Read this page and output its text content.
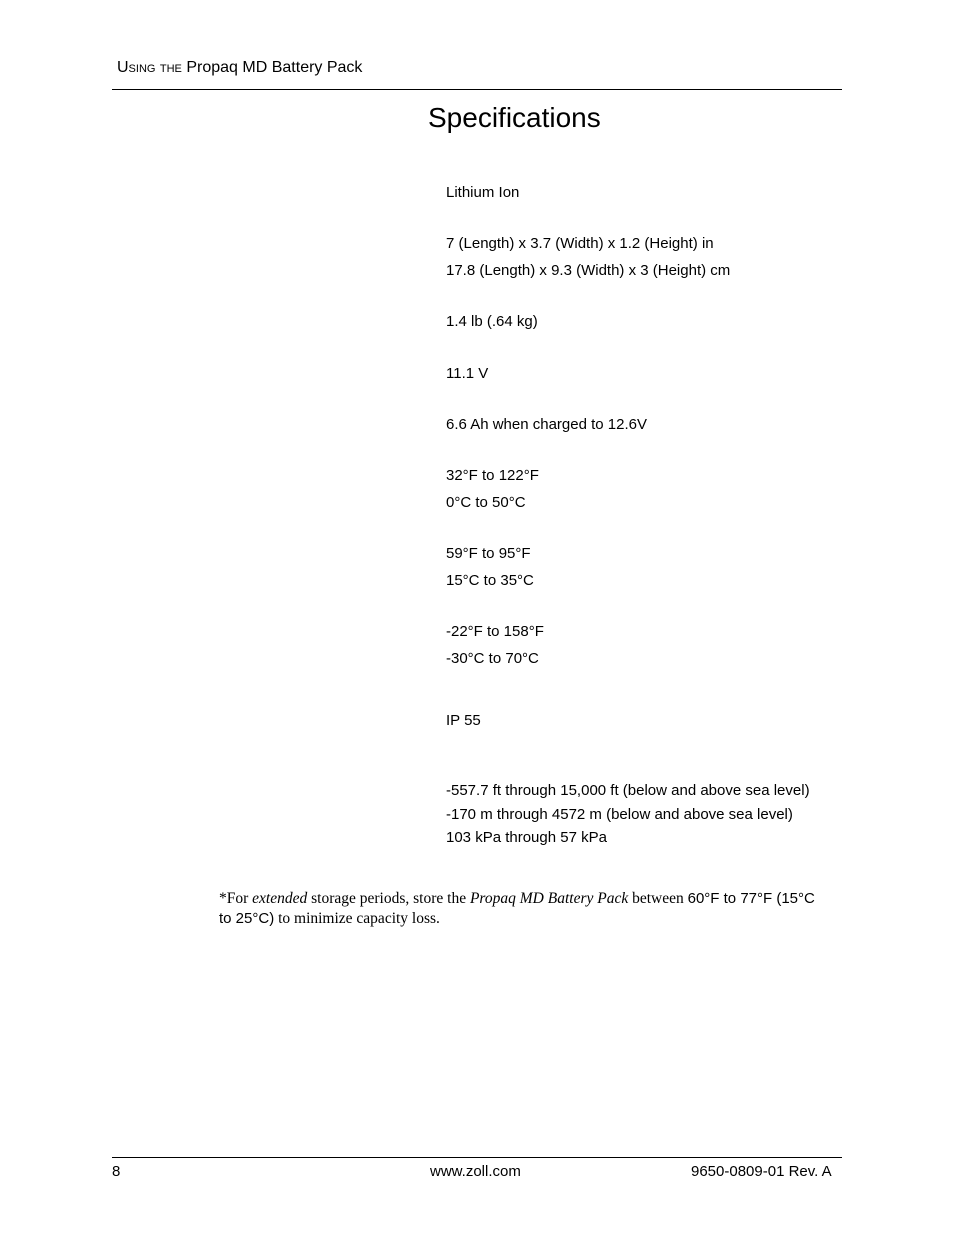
Using the Propaq MD Battery Pack
Specifications
Lithium Ion
7 (Length) x 3.7 (Width) x 1.2 (Height) in
17.8 (Length) x 9.3 (Width) x 3 (Height) cm
1.4 lb (.64 kg)
11.1 V
6.6 Ah when charged to 12.6V
32°F to 122°F
0°C to 50°C
59°F to 95°F
15°C to 35°C
-22°F to 158°F
-30°C to 70°C
IP 55
-557.7 ft through 15,000 ft (below and above sea level)
-170 m through 4572 m (below and above sea level)
103 kPa through 57 kPa
*For extended storage periods, store the Propaq MD Battery Pack between 60°F to 77°F (15°C to 25°C) to minimize capacity loss.
8	www.zoll.com	9650-0809-01 Rev. A
